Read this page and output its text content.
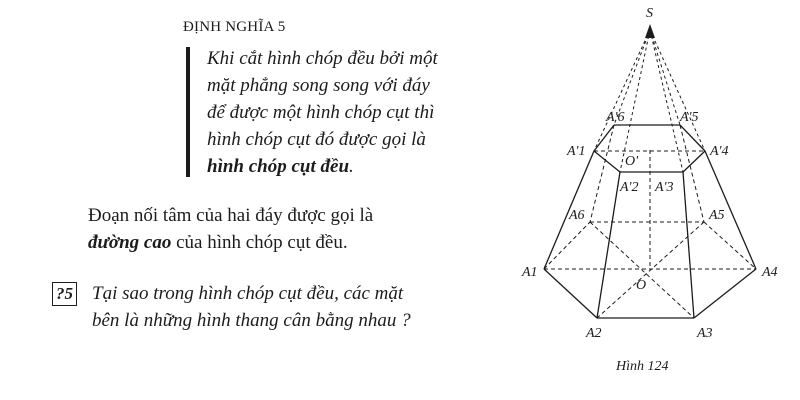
ĐỊNH NGHĨA 5
Khi cắt hình chóp đều bởi một
mặt phẳng song song với đáy
để được một hình chóp cụt thì
hình chóp cụt đó được gọi là
hình chóp cụt đều.
Đoạn nối tâm của hai đáy được gọi là
đường cao của hình chóp cụt đều.
?5 Tại sao trong hình chóp cụt đều, các mặt
bên là những hình thang cân bằng nhau ?
S
O'
O
A'1
A'2 A'3
A'4
A'5
A'6
A1
A2	A3
A4
A5
A6
Hình 124
